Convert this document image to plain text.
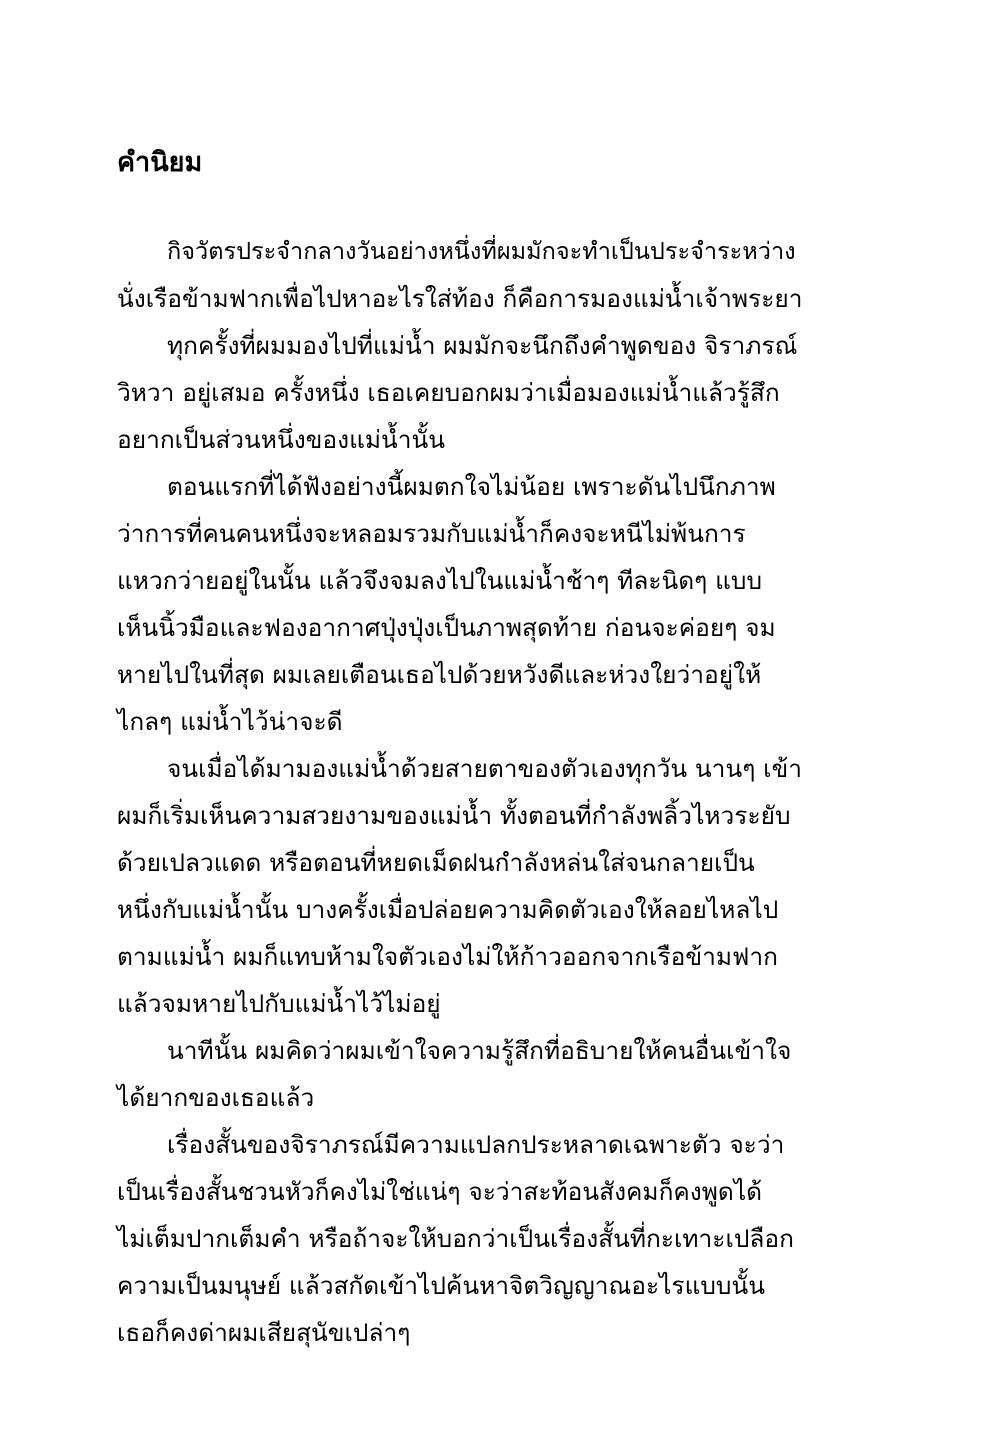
คำนิยม
กิจวัตรประจำกลางวันอย่างหนึ่งที่ผมมักจะทำเป็นประจำระหว่าง
นั่งเรือข้ามฟากเพื่อไปหาอะไรใส่ท้อง ก็คือการมองแม่น้ำเจ้าพระยา
ทุกครั้งที่ผมมองไปที่แม่น้ำ ผมมักจะนึกถึงคำพูดของ จิราภรณ์
วิหวา อยู่เสมอ ครั้งหนึ่ง เธอเคยบอกผมว่าเมื่อมองแม่น้ำแล้วรู้สึก
อยากเป็นส่วนหนึ่งของแม่น้ำนั้น
ตอนแรกที่ได้ฟังอย่างนี้ผมตกใจไม่น้อย เพราะดันไปนึกภาพ
ว่าการที่คนคนหนึ่งจะหลอมรวมกับแม่น้ำก็คงจะหนีไม่พ้นการ
แหวกว่ายอยู่ในนั้น แล้วจึงจมลงไปในแม่น้ำช้าๆ ทีละนิดๆ แบบ
เห็นนิ้วมือและฟองอากาศปุ่งปุ่งเป็นภาพสุดท้าย ก่อนจะค่อยๆ จม
หายไปในที่สุด ผมเลยเตือนเธอไปด้วยหวังดีและห่วงใยว่าอยู่ให้
ไกลๆ แม่น้ำไว้น่าจะดี
จนเมื่อได้มามองแม่น้ำด้วยสายตาของตัวเองทุกวัน นานๆ เข้า
ผมก็เริ่มเห็นความสวยงามของแม่น้ำ ทั้งตอนที่กำลังพลิ้วไหวระยับ
ด้วยเปลวแดด หรือตอนที่หยดเม็ดฝนกำลังหล่นใส่จนกลายเป็น
หนึ่งกับแม่น้ำนั้น บางครั้งเมื่อปล่อยความคิดตัวเองให้ลอยไหลไป
ตามแม่น้ำ ผมก็แทบห้ามใจตัวเองไม่ให้ก้าวออกจากเรือข้ามฟาก
แล้วจมหายไปกับแม่น้ำไว้ไม่อยู่
นาทีนั้น ผมคิดว่าผมเข้าใจความรู้สึกที่อธิบายให้คนอื่นเข้าใจ
ได้ยากของเธอแล้ว
เรื่องสั้นของจิราภรณ์มีความแปลกประหลาดเฉพาะตัว จะว่า
เป็นเรื่องสั้นชวนหัวก็คงไม่ใช่แน่ๆ จะว่าสะท้อนสังคมก็คงพูดได้
ไม่เต็มปากเต็มคำ หรือถ้าจะให้บอกว่าเป็นเรื่องสั้นที่กะเทาะเปลือก
ความเป็นมนุษย์ แล้วสกัดเข้าไปค้นหาจิตวิญญาณอะไรแบบนั้น
เธอก็คงด่าผมเสียสุนัขเปล่าๆ
